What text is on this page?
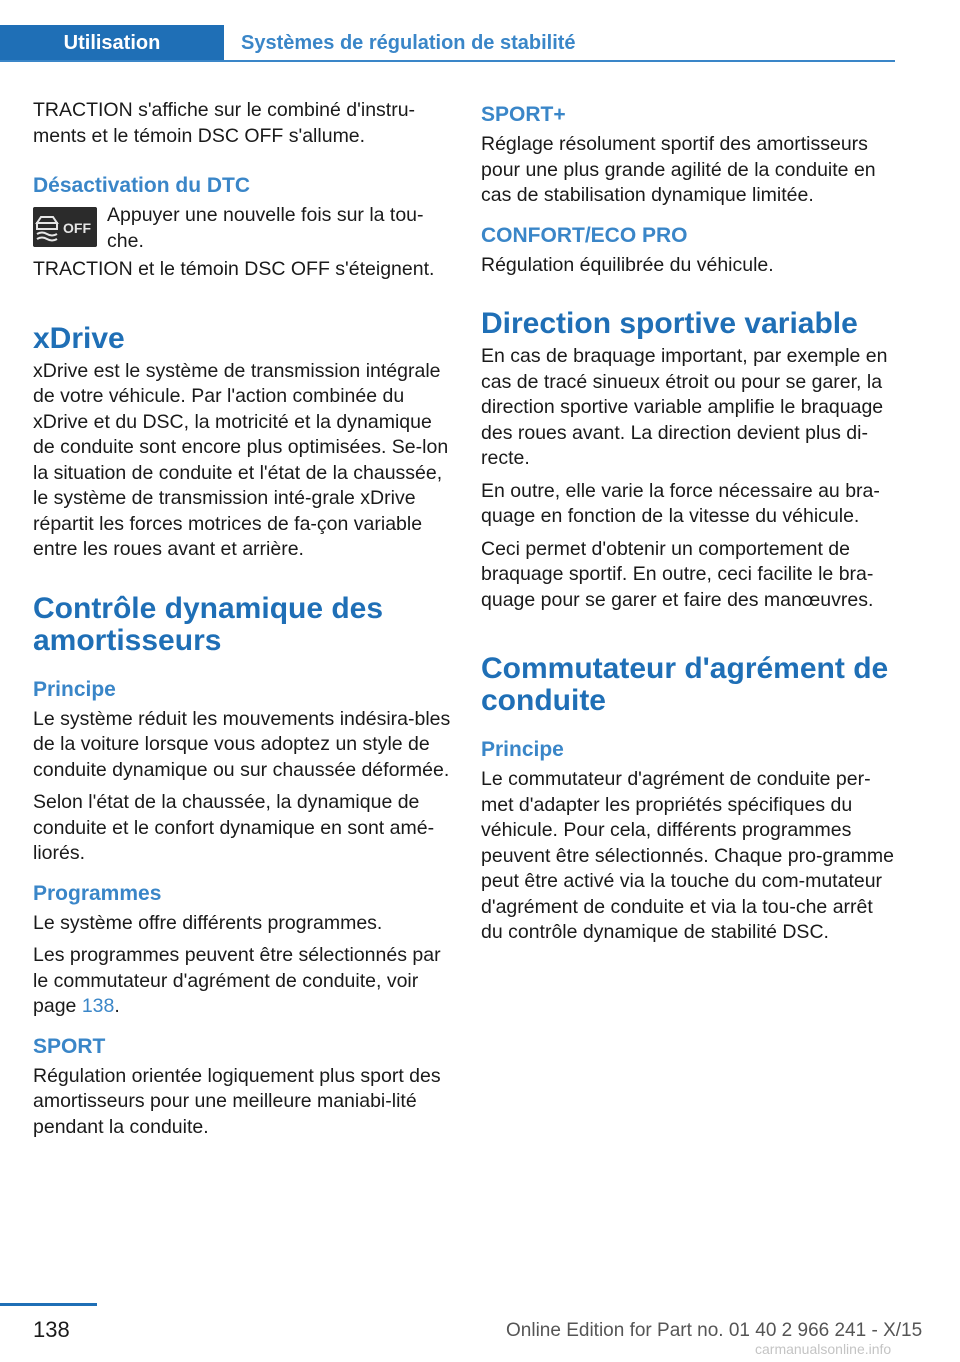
Utilisation	Systèmes de régulation de stabilité

TRACTION s'affiche sur le combiné d'instru-ments et le témoin DSC OFF s'allume.

Désactivation du DTC
OFF

Appuyer une nouvelle fois sur la tou-che.

TRACTION et le témoin DSC OFF s'éteignent.

xDrive

xDrive est le système de transmission intégrale de votre véhicule. Par l'action combinée du xDrive et du DSC, la motricité et la dynamique de conduite sont encore plus optimisées. Se-lon la situation de conduite et l'état de la chaussée, le système de transmission inté-grale xDrive répartit les forces motrices de fa-çon variable entre les roues avant et arrière.

Contrôle dynamique des amortisseurs
Principe

Le système réduit les mouvements indésira-bles de la voiture lorsque vous adoptez un style de conduite dynamique ou sur chaussée déformée.

Selon l'état de la chaussée, la dynamique de conduite et le confort dynamique en sont amé-liorés.

Programmes

Le système offre différents programmes.

Les programmes peuvent être sélectionnés par le commutateur d'agrément de conduite, voir page 138.

SPORT

Régulation orientée logiquement plus sport des amortisseurs pour une meilleure maniabi-lité pendant la conduite.

SPORT+

Réglage résolument sportif des amortisseurs pour une plus grande agilité de la conduite en cas de stabilisation dynamique limitée.

CONFORT/ECO PRO

Régulation équilibrée du véhicule.

Direction sportive variable

En cas de braquage important, par exemple en cas de tracé sinueux étroit ou pour se garer, la direction sportive variable amplifie le braquage des roues avant. La direction devient plus di-recte.

En outre, elle varie la force nécessaire au bra-quage en fonction de la vitesse du véhicule.

Ceci permet d'obtenir un comportement de braquage sportif. En outre, ceci facilite le bra-quage pour se garer et faire des manœuvres.

Commutateur d'agrément de conduite
Principe

Le commutateur d'agrément de conduite per-met d'adapter les propriétés spécifiques du véhicule. Pour cela, différents programmes peuvent être sélectionnés. Chaque pro-gramme peut être activé via la touche du com-mutateur d'agrément de conduite et via la tou-che arrêt du contrôle dynamique de stabilité DSC.

138	Online Edition for Part no. 01 40 2 966 241 - X/15
carmanualsonline.info
